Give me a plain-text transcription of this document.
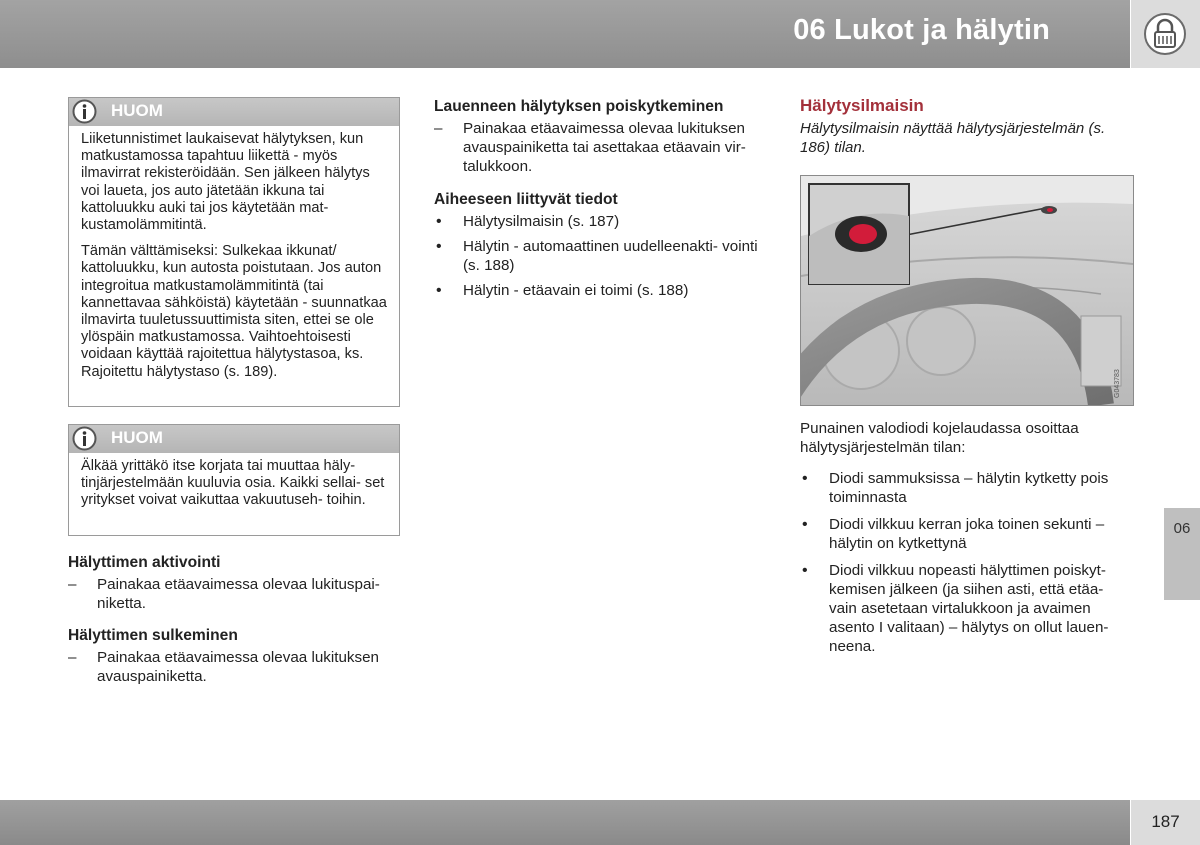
06 Lukot ja hälytin
06
HUOM

Liiketunnistimet laukaisevat hälytyksen, kun matkustamossa tapahtuu liikettä - myös ilmavirrat rekisteröidään. Sen jälkeen hälytys voi laueta, jos auto jätetään ikkuna tai kattoluukku auki tai jos käytetään mat- kustamolämmitintä.

Tämän välttämiseksi: Sulkekaa ikkunat/ kattoluukku, kun autosta poistutaan. Jos auton integroitua matkustamolämmitintä (tai kannettavaa sähköistä) käytetään - suunnatkaa ilmavirta tuuletussuuttimista siten, ettei se ole ylöspäin matkustamossa. Vaihtoehtoisesti voidaan käyttää rajoitettua hälytystasoa, ks. Rajoitettu hälytystaso (s. 189).

HUOM

Älkää yrittäkö itse korjata tai muuttaa häly- tinjärjestelmään kuuluvia osia. Kaikki sellai- set yritykset voivat vaikuttaa vakuutuseh- toihin.

Hälyttimen aktivointi

– Painakaa etäavaimessa olevaa lukituspai- niketta.

Hälyttimen sulkeminen

– Painakaa etäavaimessa olevaa lukituksen avauspainiketta.

Lauenneen hälytyksen poiskytkeminen

– Painakaa etäavaimessa olevaa lukituksen avauspainiketta tai asettakaa etäavain vir- talukkoon.

Aiheeseen liittyvät tiedot

• Hälytysilmaisin (s. 187)

• Hälytin - automaattinen uudelleenakti- vointi (s. 188)

• Hälytin - etäavain ei toimi (s. 188)

Hälytysilmaisin
Hälytysilmaisin näyttää hälytysjärjestelmän (s. 186) tilan.
G043783

Punainen valodiodi kojelaudassa osoittaa hälytysjärjestelmän tilan:

• Diodi sammuksissa – hälytin kytketty pois toiminnasta

• Diodi vilkkuu kerran joka toinen sekunti – hälytin on kytkettynä

• Diodi vilkkuu nopeasti hälyttimen poiskyt- kemisen jälkeen (ja siihen asti, että etäa- vain asetetaan virtalukkoon ja avaimen asento I valitaan) – hälytys on ollut lauen- neena.

187
